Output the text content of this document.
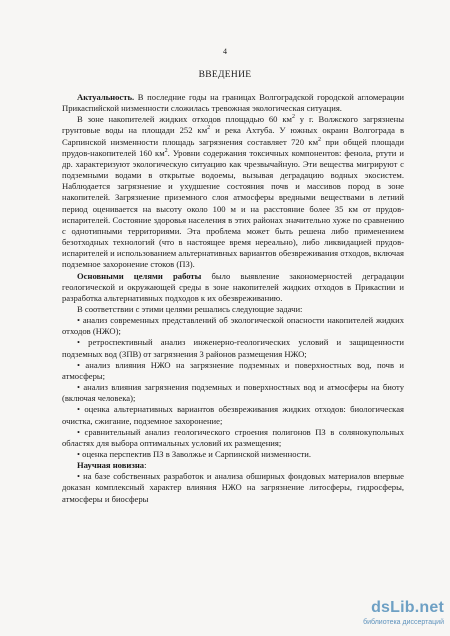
4
ВВЕДЕНИЕ

Актуальность. В последние годы на границах Волгоградской городской агломерации Прикаспийской низменности сложилась тревожная экологическая ситуация.

В зоне накопителей жидких отходов площадью 60 $км^2$ у г. Волжского загрязнены грунтовые воды на площади 252 $км^2$ и река Ахтуба. У южных окраин Волгограда в Сарпинской низменности площадь загрязнения составляет 720 $км^2$ при общей площади прудов-накопителей 160 $км^2$. Уровни содержания токсичных компонентов: фенола, ртути и др. характеризуют экологическую ситуацию как чрезвычайную. Эти вещества мигрируют с подземными водами в открытые водоемы, вызывая деградацию водных экосистем. Наблюдается загрязнение и ухудшение состояния почв и массивов пород в зоне накопителей. Загрязнение приземного слоя атмосферы вредными веществами в летний период оценивается на высоту около 100 м и на расстояние более 35 км от прудов-испарителей. Состояние здоровья населения в этих районах значительно хуже по сравнению с однотипными территориями. Эта проблема может быть решена либо применением безотходных технологий (что в настоящее время нереально), либо ликвидацией прудов-испарителей и использованием альтернативных вариантов обезвреживания отходов, включая подземное захоронение стоков (ПЗ).

Основными целями работы было выявление закономерностей деградации геологической и окружающей среды в зоне накопителей жидких отходов в Прикаспии и разработка альтернативных подходов к их обезвреживанию.

В соответствии с этими целями решались следующие задачи:

• анализ современных представлений об экологической опасности накопителей жидких отходов (НЖО);

• ретроспективный анализ инженерно-геологических условий и защищенности подземных вод (ЗПВ) от загрязнения 3 районов размещения НЖО;

• анализ влияния НЖО на загрязнение подземных и поверхностных вод, почв и атмосферы;

• анализ влияния загрязнения подземных и поверхностных вод и атмосферы на биоту (включая человека);

• оценка альтернативных вариантов обезвреживания жидких отходов: биологическая очистка, сжигание, подземное захоронение;

• сравнительный анализ геологического строения полигонов ПЗ в солянокупольных областях для выбора оптимальных условий их размещения;

• оценка перспектив ПЗ в Заволжье и Сарпинской низменности.

Научная новизна:

• на базе собственных разработок и анализа обширных фондовых материалов впервые доказан комплексный характер влияния НЖО на загрязнение литосферы, гидросферы, атмосферы и биосферы

dsLib.net
библиотека диссертаций
